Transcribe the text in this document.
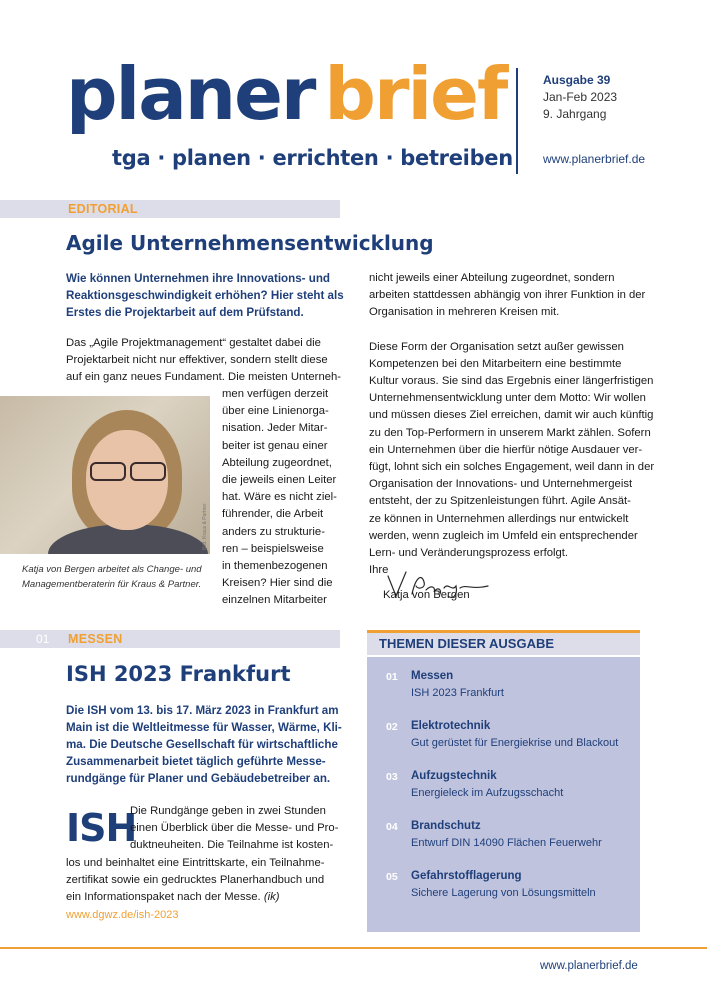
planer brief
tga · planen · errichten · betreiben
Ausgabe 39
Jan-Feb 2023
9. Jahrgang
www.planerbrief.de
EDITORIAL
Agile Unternehmensentwicklung
Wie können Unternehmen ihre Innovations- und
Reaktionsgeschwindigkeit erhöhen? Hier steht als
Erstes die Projektarbeit auf dem Prüfstand.
Das „Agile Projektmanagement“ gestaltet dabei die
Projektarbeit nicht nur effektiver, sondern stellt diese
auf ein ganz neues Fundament. Die meisten Unterneh-
Bild: Kraus & Partner
men verfügen derzeit
über eine Linienorga-
nisation. Jeder Mitar-
beiter ist genau einer
Abteilung zugeordnet,
die jeweils einen Leiter
hat. Wäre es nicht ziel-
führender, die Arbeit
anders zu strukturie-
ren – beispielsweise
in themenbezogenen
Kreisen? Hier sind die
einzelnen Mitarbeiter
Katja von Bergen arbeitet als Change- und
Managementberaterin für Kraus & Partner.
nicht jeweils einer Abteilung zugeordnet, sondern
arbeiten stattdessen abhängig von ihrer Funktion in der
Organisation in mehreren Kreisen mit.
Diese Form der Organisation setzt außer gewissen
Kompetenzen bei den Mitarbeitern eine bestimmte
Kultur voraus. Sie sind das Ergebnis einer längerfristigen
Unternehmensentwicklung unter dem Motto: Wir wollen
und müssen dieses Ziel erreichen, damit wir auch künftig
zu den Top-Performern in unserem Markt zählen. Sofern
ein Unternehmen über die hierfür nötige Ausdauer ver-
fügt, lohnt sich ein solches Engagement, weil dann in der
Organisation der Innovations- und Unternehmergeist
entsteht, der zu Spitzenleistungen führt. Agile Ansät-
ze können in Unternehmen allerdings nur entwickelt
werden, wenn zugleich im Umfeld ein entsprechender
Lern- und Veränderungsprozess erfolgt.
Ihre
Katja von Bergen
01 MESSEN
ISH 2023 Frankfurt
Die ISH vom 13. bis 17. März 2023 in Frankfurt am
Main ist die Weltleitmesse für Wasser, Wärme, Kli-
ma. Die Deutsche Gesellschaft für wirtschaftliche
Zusammenarbeit bietet täglich geführte Messe-
rundgänge für Planer und Gebäudebetreiber an.
ISH
Die Rundgänge geben in zwei Stunden
einen Überblick über die Messe- und Pro-
duktneuheiten. Die Teilnahme ist kosten-
los und beinhaltet eine Eintrittskarte, ein Teilnahme-
zertifikat sowie ein gedrucktes Planerhandbuch und
ein Informationspaket nach der Messe. (ik)
www.dgwz.de/ish-2023
THEMEN DIESER AUSGABE
01 Messen
ISH 2023 Frankfurt
02 Elektrotechnik
Gut gerüstet für Energiekrise und Blackout
03 Aufzugstechnik
Energieleck im Aufzugsschacht
04 Brandschutz
Entwurf DIN 14090 Flächen Feuerwehr
05 Gefahrstofflagerung
Sichere Lagerung von Lösungsmitteln
www.planerbrief.de
